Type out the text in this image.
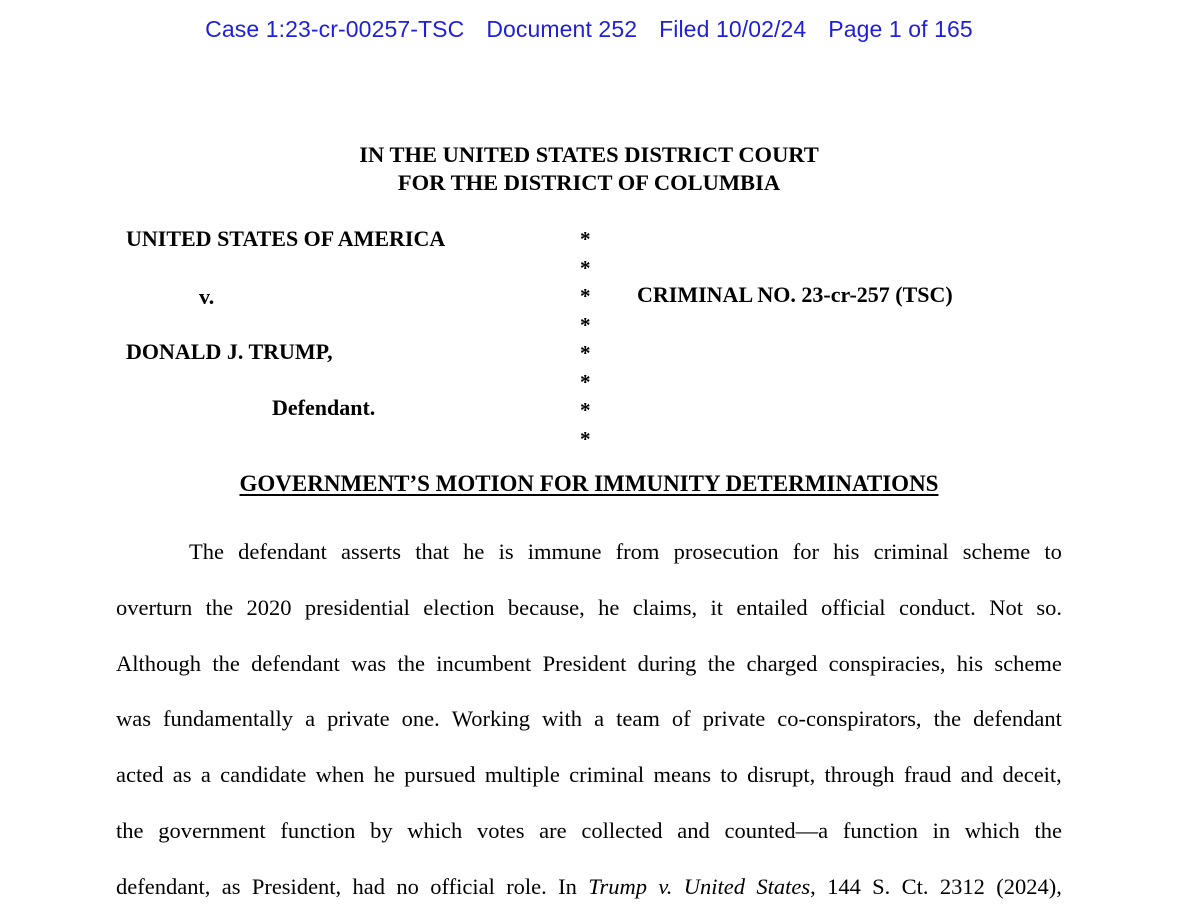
Case 1:23-cr-00257-TSC Document 252 Filed 10/02/24 Page 1 of 165
IN THE UNITED STATES DISTRICT COURT
FOR THE DISTRICT OF COLUMBIA
UNITED STATES OF AMERICA
v.
DONALD J. TRUMP,
Defendant.
*
*
*
*
*
*
*
*
CRIMINAL NO. 23-cr-257 (TSC)
GOVERNMENT’S MOTION FOR IMMUNITY DETERMINATIONS
The defendant asserts that he is immune from prosecution for his criminal scheme to
overturn the 2020 presidential election because, he claims, it entailed official conduct. Not so.
Although the defendant was the incumbent President during the charged conspiracies, his scheme
was fundamentally a private one. Working with a team of private co-conspirators, the defendant
acted as a candidate when he pursued multiple criminal means to disrupt, through fraud and deceit,
the government function by which votes are collected and counted—a function in which the
defendant, as President, had no official role. In Trump v. United States, 144 S. Ct. 2312 (2024),
